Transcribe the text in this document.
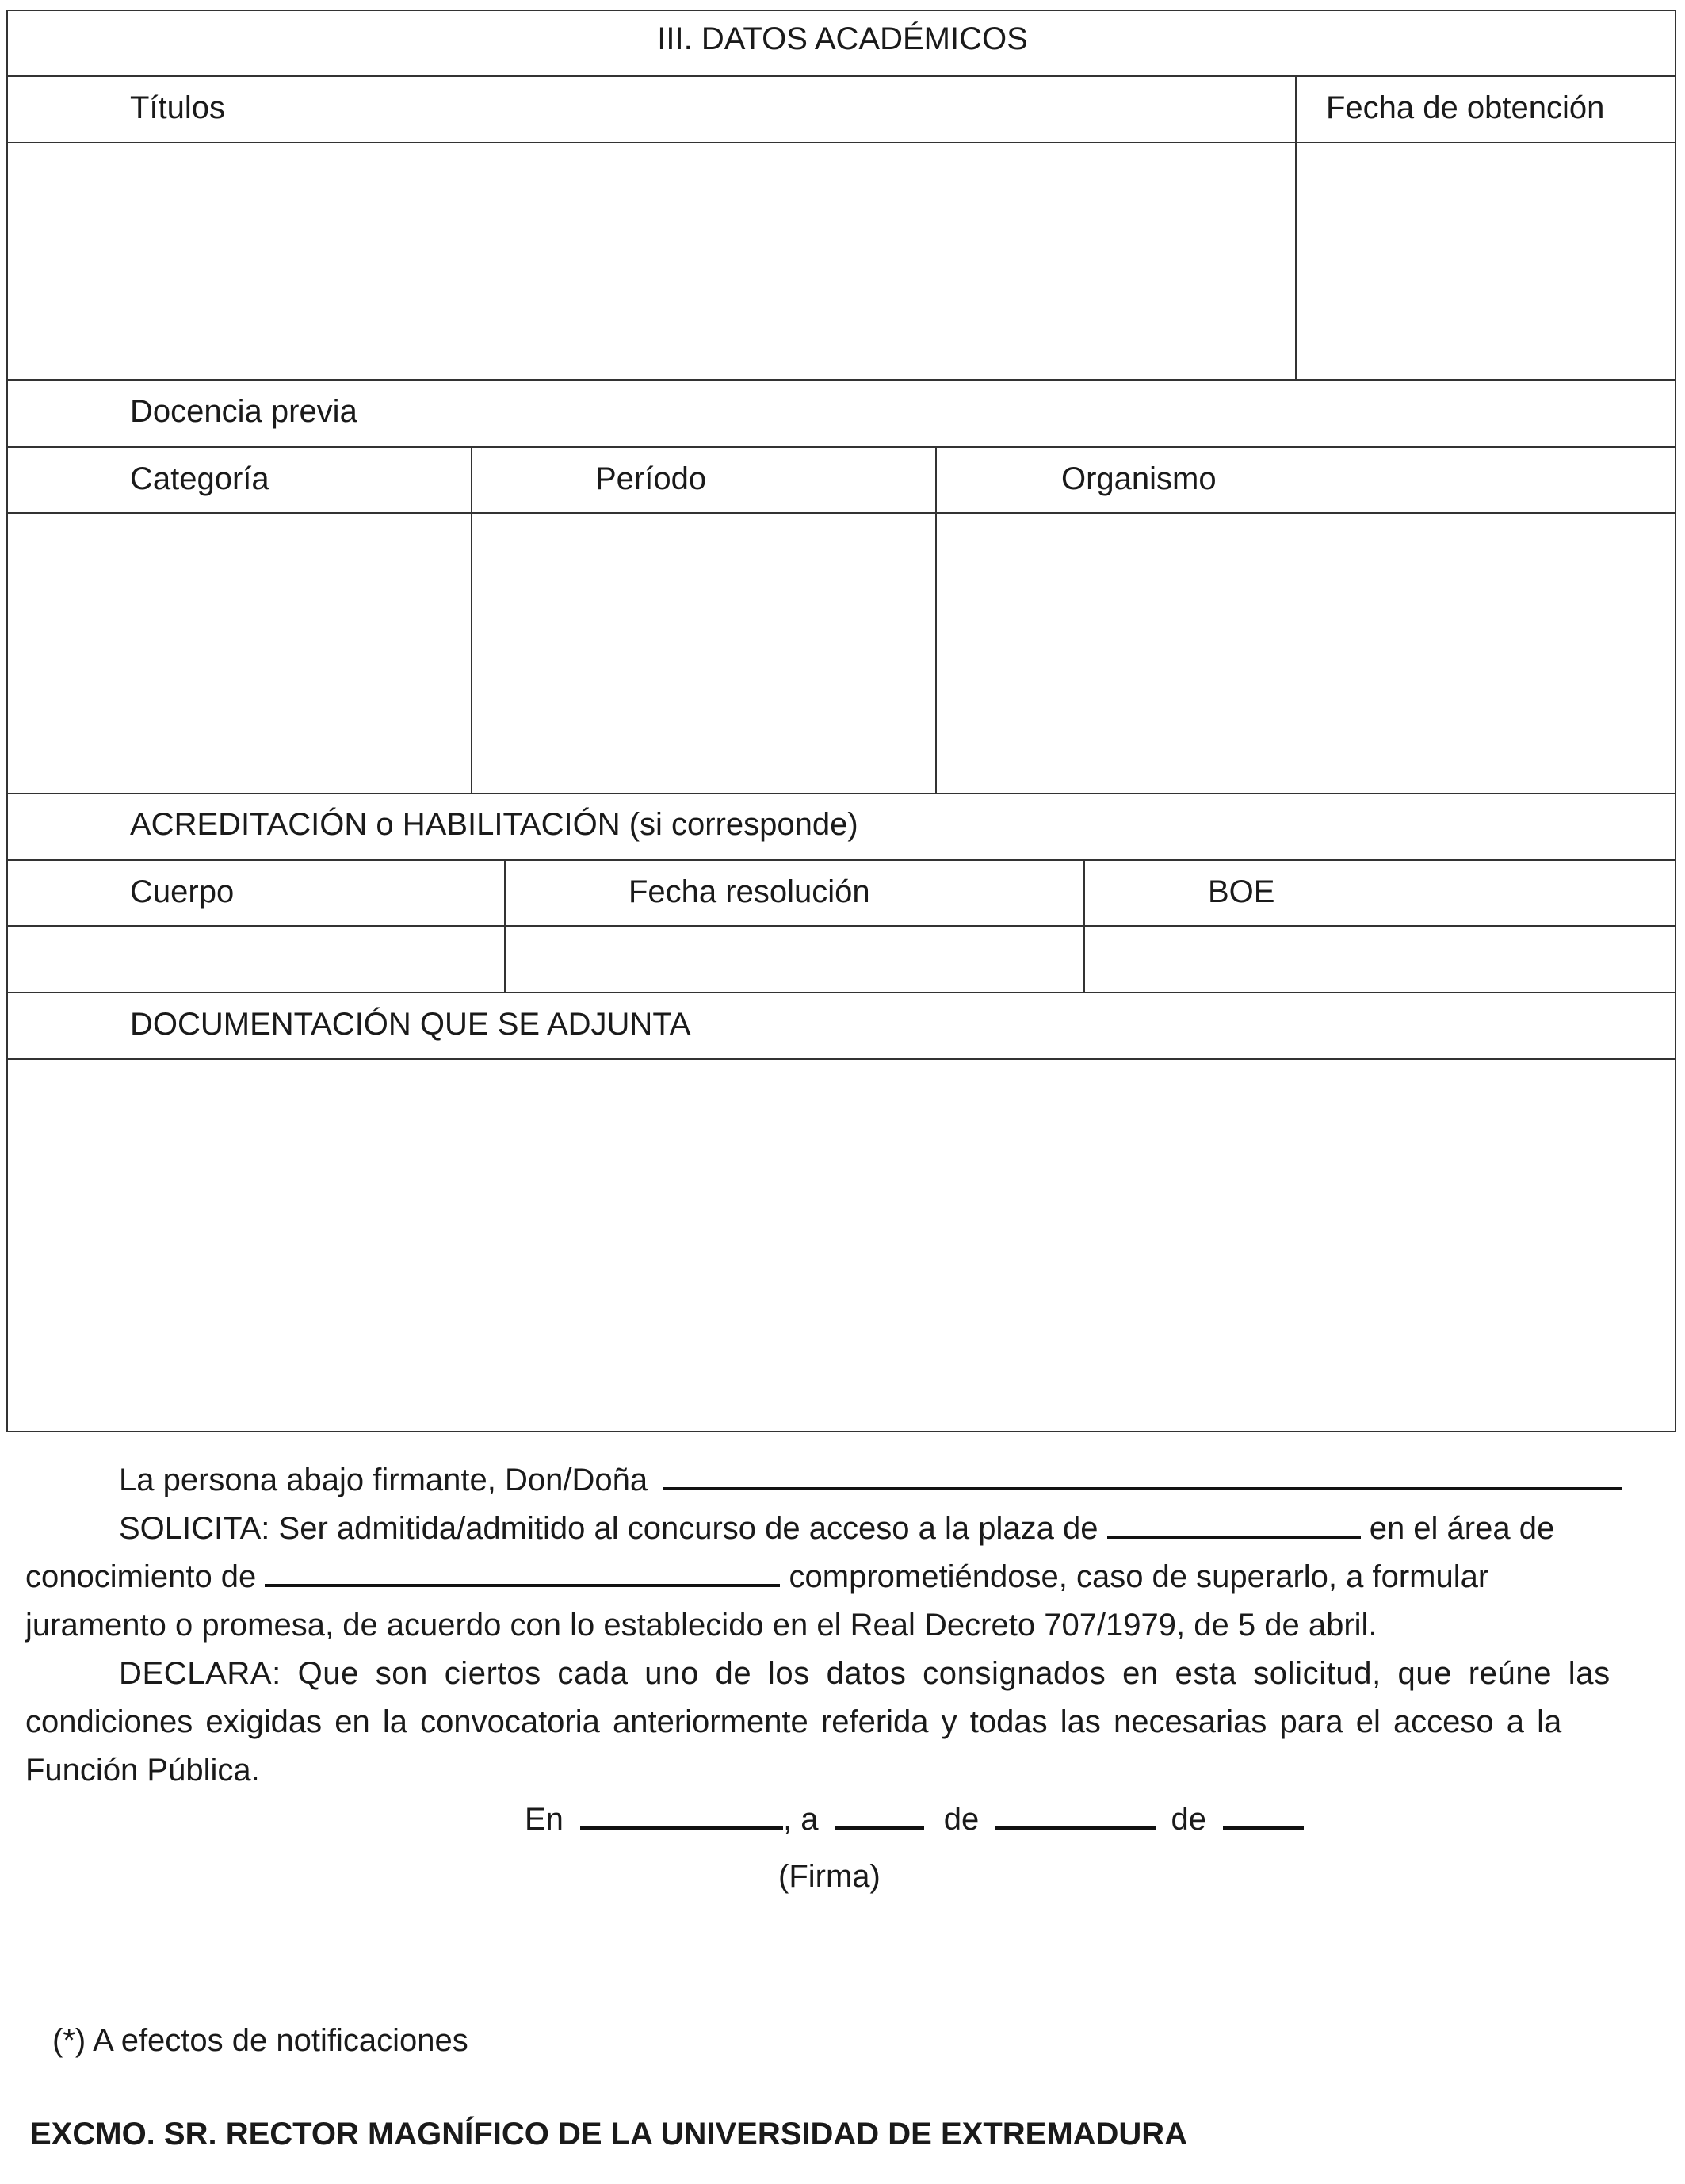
III. DATOS ACADÉMICOS
Títulos	Fecha de obtención
Docencia previa
Categoría	Período	Organismo
ACREDITACIÓN o HABILITACIÓN (si corresponde)
Cuerpo	Fecha resolución	BOE
DOCUMENTACIÓN QUE SE ADJUNTA
La persona abajo firmante, Don/Doña
SOLICITA: Ser admitida/admitido al concurso de acceso a la plaza de	en el área de
conocimiento de	comprometiéndose, caso de superarlo, a formular
juramento o promesa, de acuerdo con lo establecido en el Real Decreto 707/1979, de 5 de abril.
DECLARA: Que son ciertos cada uno de los datos consignados en esta solicitud, que reúne las
condiciones exigidas en la convocatoria anteriormente referida y todas las necesarias para el acceso a la
Función Pública.
En	, a	de	de
(Firma)
(*) A efectos de notificaciones
EXCMO. SR. RECTOR MAGNÍFICO DE LA UNIVERSIDAD DE EXTREMADURA
